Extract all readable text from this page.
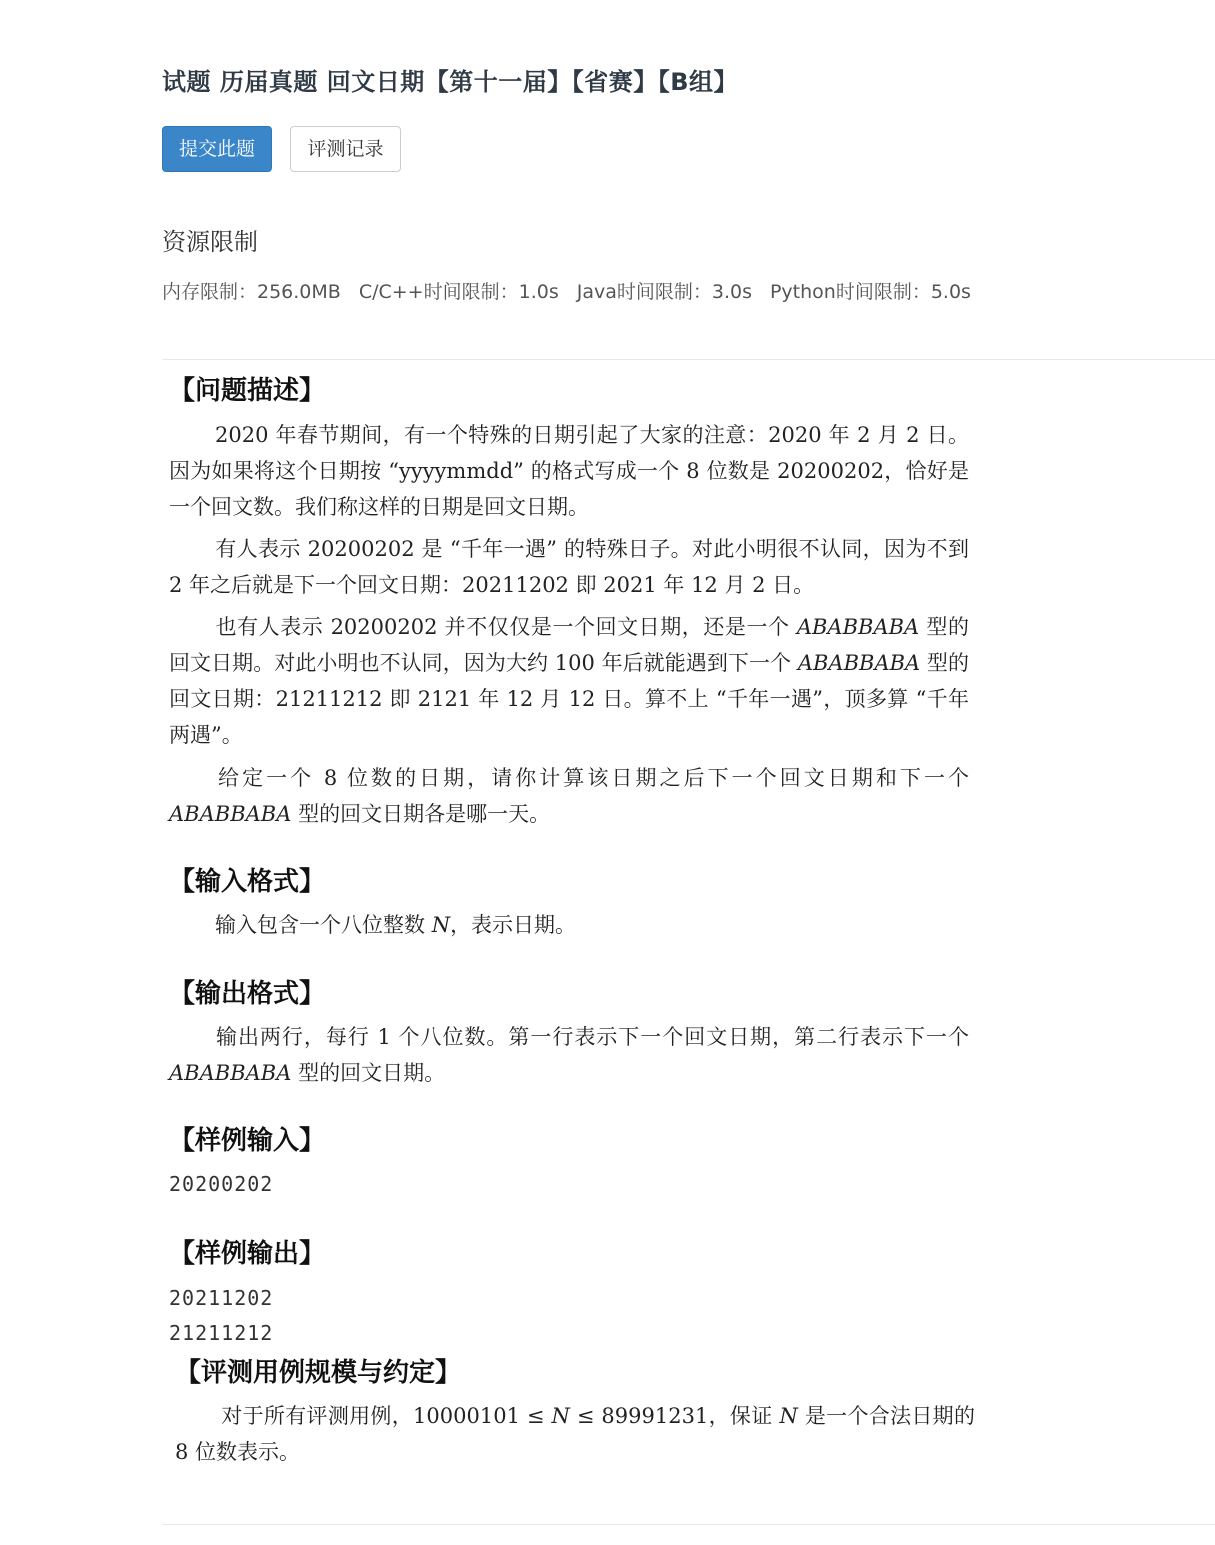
试题 历届真题 回文日期【第十一届】【省赛】【B组】
提交此题	评测记录
资源限制
内存限制：256.0MB C/C++时间限制：1.0s Java时间限制：3.0s Python时间限制：5.0s
【问题描述】
2020 年春节期间，有一个特殊的日期引起了大家的注意：2020 年 2 月 2 日。因为如果将这个日期按 “yyyymmdd” 的格式写成一个 8 位数是 20200202，恰好是一个回文数。我们称这样的日期是回文日期。
有人表示 20200202 是 “千年一遇” 的特殊日子。对此小明很不认同，因为不到 2 年之后就是下一个回文日期：20211202 即 2021 年 12 月 2 日。
也有人表示 20200202 并不仅仅是一个回文日期，还是一个 ABABBABA 型的回文日期。对此小明也不认同，因为大约 100 年后就能遇到下一个 ABABBABA 型的回文日期：21211212 即 2121 年 12 月 12 日。算不上 “千年一遇”，顶多算 “千年两遇”。
给定一个 8 位数的日期，请你计算该日期之后下一个回文日期和下一个 ABABBABA 型的回文日期各是哪一天。
【输入格式】
输入包含一个八位整数 N，表示日期。
【输出格式】
输出两行，每行 1 个八位数。第一行表示下一个回文日期，第二行表示下一个 ABABBABA 型的回文日期。
【样例输入】
20200202
【样例输出】
20211202
21211212
【评测用例规模与约定】
对于所有评测用例，10000101 ≤ N ≤ 89991231，保证 N 是一个合法日期的 8 位数表示。
